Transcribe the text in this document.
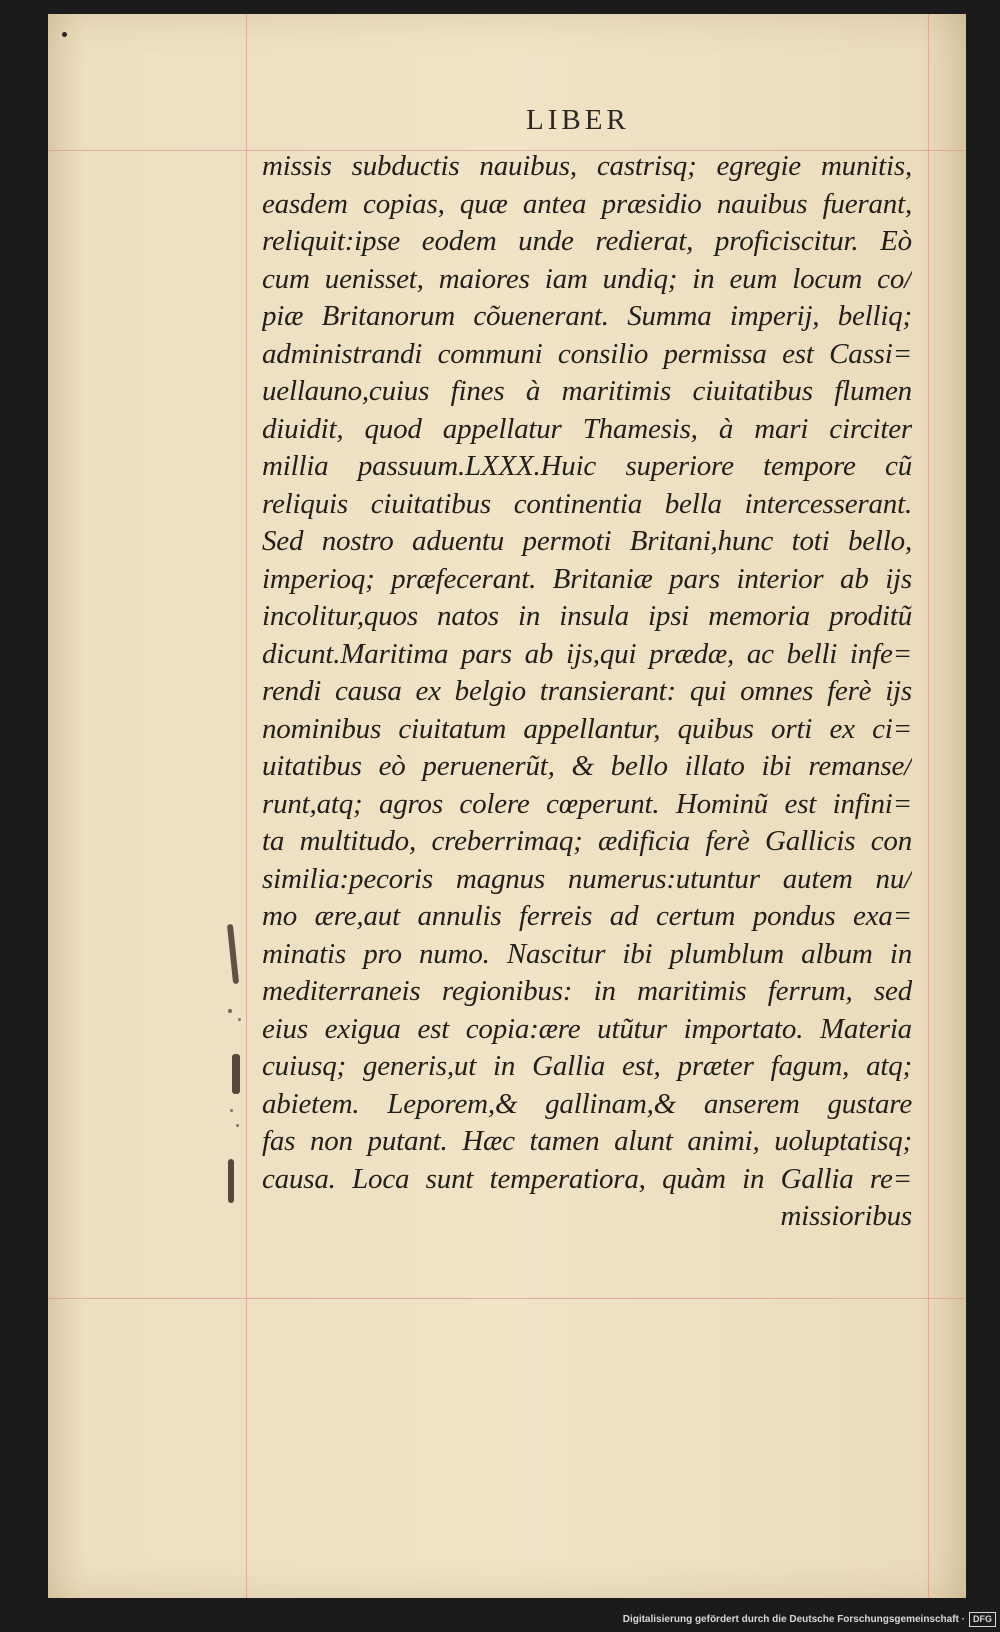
LIBER
missis subductis nauibus, castrisq; egregie munitis,
easdem copias, quæ antea præsidio nauibus fuerant,
reliquit:ipse eodem unde redierat, proficiscitur. Eò
cum uenisset, maiores iam undiq; in eum locum co/
piæ Britanorum cõuenerant. Summa imperij, belliq;
administrandi communi consilio permissa est Cassi=
uellauno,cuius fines à maritimis ciuitatibus flumen
diuidit, quod appellatur Thamesis, à mari circiter
millia passuum.LXXX.Huic superiore tempore cũ
reliquis ciuitatibus continentia bella intercesserant.
Sed nostro aduentu permoti Britani,hunc toti bello,
imperioq; præfecerant. Britaniæ pars interior ab ijs
incolitur,quos natos in insula ipsi memoria proditũ
dicunt.Maritima pars ab ijs,qui prædæ, ac belli infe=
rendi causa ex belgio transierant: qui omnes ferè ijs
nominibus ciuitatum appellantur, quibus orti ex ci=
uitatibus eò peruenerũt, & bello illato ibi remanse/
runt,atq; agros colere cœperunt. Hominũ est infini=
ta multitudo, creberrimaq; ædificia ferè Gallicis con
similia:pecoris magnus numerus:utuntur autem nu/
mo ære,aut annulis ferreis ad certum pondus exa=
minatis pro numo. Nascitur ibi plumblum album in
mediterraneis regionibus: in maritimis ferrum, sed
eius exigua est copia:ære utũtur importato. Materia
cuiusq; generis,ut in Gallia est, præter fagum, atq;
abietem. Leporem,& gallinam,& anserem gustare
fas non putant. Hæc tamen alunt animi, uoluptatisq;
causa. Loca sunt temperatiora, quàm in Gallia re=
missioribus
Digitalisierung gefördert durch die Deutsche Forschungsgemeinschaft · DFG
